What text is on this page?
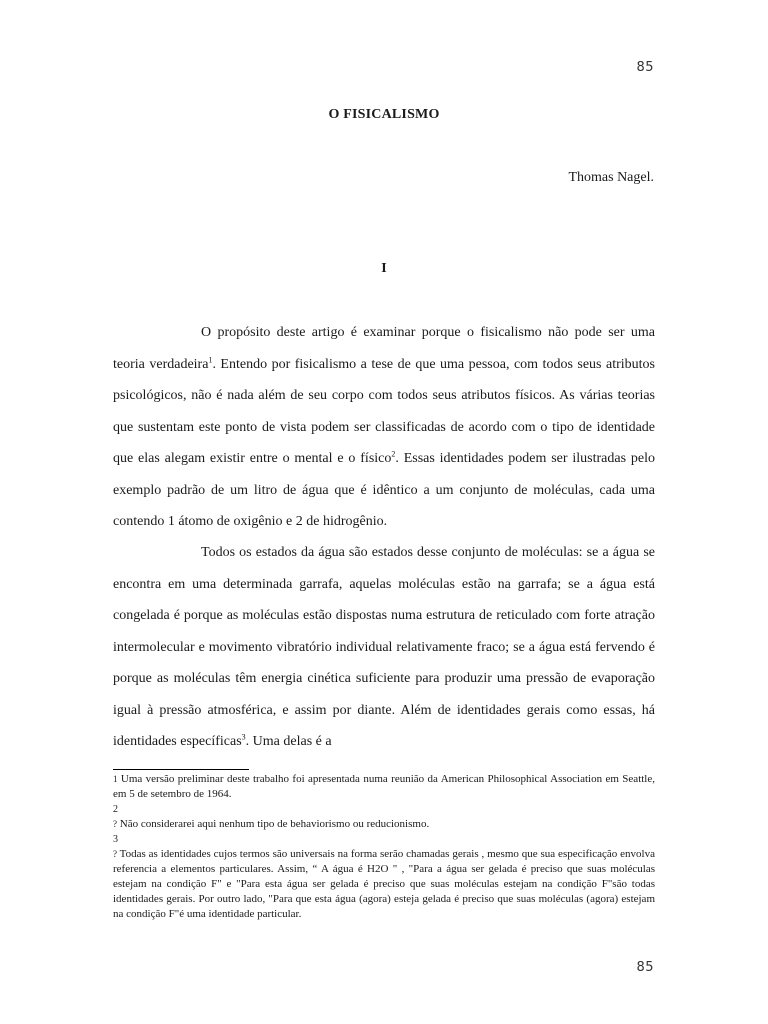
85
O FISICALISMO
Thomas Nagel.
I

O propósito deste artigo é examinar porque o fisicalismo não pode ser uma teoria verdadeira$^1$. Entendo por fisicalismo a tese de que uma pessoa, com todos seus atributos psicológicos, não é nada além de seu corpo com todos seus atributos físicos. As várias teorias que sustentam este ponto de vista podem ser classificadas de acordo com o tipo de identidade que elas alegam existir entre o mental e o físico$^2$. Essas identidades podem ser ilustradas pelo exemplo padrão de um litro de água que é idêntico a um conjunto de moléculas, cada uma contendo 1 átomo de oxigênio e 2 de hidrogênio.

Todos os estados da água são estados desse conjunto de moléculas: se a água se encontra em uma determinada garrafa, aquelas moléculas estão na garrafa; se a água está congelada é porque as moléculas estão dispostas numa estrutura de reticulado com forte atração intermolecular e movimento vibratório individual relativamente fraco; se a água está fervendo é porque as moléculas têm energia cinética suficiente para produzir uma pressão de evaporação igual à pressão atmosférica, e assim por diante. Além de identidades gerais como essas, há identidades específicas$^3$. Uma delas é a

1 Uma versão preliminar deste trabalho foi apresentada numa reunião da American Philosophical Association em Seattle, em 5 de setembro de 1964.

2

? Não considerarei aqui nenhum tipo de behaviorismo ou reducionismo.

3

? Todas as identidades cujos termos são universais na forma serão chamadas gerais , mesmo que sua especificação envolva referencia a elementos particulares. Assim, “ A água é H2O " , "Para a água ser gelada é preciso que suas moléculas estejam na condição F" e "Para esta água ser gelada é preciso que suas moléculas estejam na condição F"são todas identidades gerais. Por outro lado, "Para que esta água (agora) esteja gelada é preciso que suas moléculas (agora) estejam na condição F"é uma identidade particular.

85
